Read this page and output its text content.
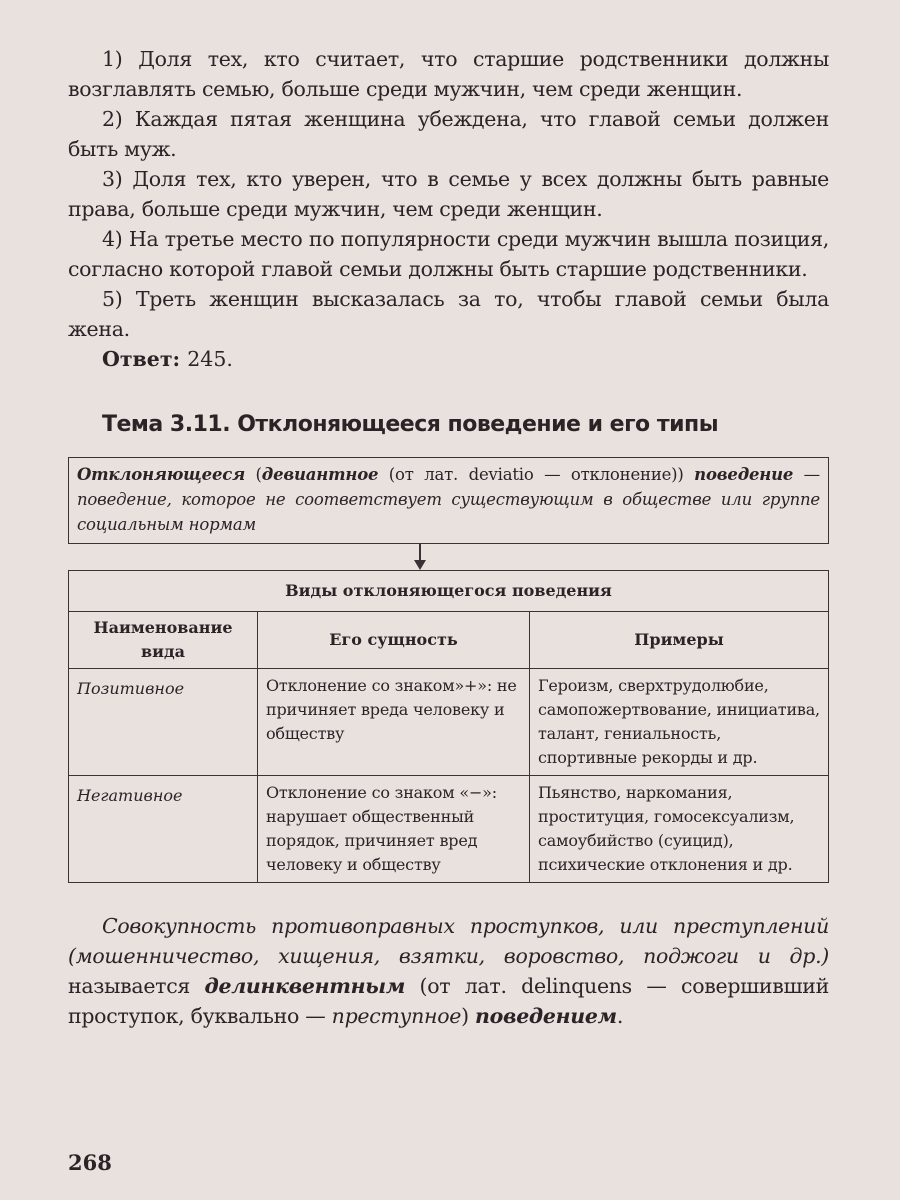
1) Доля тех, кто считает, что старшие родственники должны возглавлять семью, больше среди мужчин, чем среди женщин.

2) Каждая пятая женщина убеждена, что главой семьи должен быть муж.

3) Доля тех, кто уверен, что в семье у всех должны быть равные права, больше среди мужчин, чем среди женщин.

4) На третье место по популярности среди мужчин вышла позиция, согласно которой главой семьи должны быть старшие родственники.

5) Треть женщин высказалась за то, чтобы главой семьи была жена.

Ответ: 245.

Тема 3.11. Отклоняющееся поведение и его типы
Отклоняющееся (девиантное (от лат. deviatio — отклонение)) поведение — поведение, которое не соответствует существующим в обществе или группе социальным нормам
Виды отклоняющегося поведения		
Наименование вида	Его сущность	Примеры
Позитивное	Отклонение со знаком»+»: не причиняет вреда человеку и обществу	Героизм, сверхтрудолюбие, самопожертвование, инициатива, талант, гениальность, спортивные рекорды и др.
Негативное	Отклонение со знаком «−»: нарушает общественный порядок, причиняет вред человеку и обществу	Пьянство, наркомания, проституция, гомосексуализм, самоубийство (суицид), психические отклонения и др.

Совокупность противоправных проступков, или преступлений (мошенничество, хищения, взятки, воровство, поджоги и др.) называется делинквентным (от лат. delinquens — совершивший проступок, буквально — преступное) поведением.

268
